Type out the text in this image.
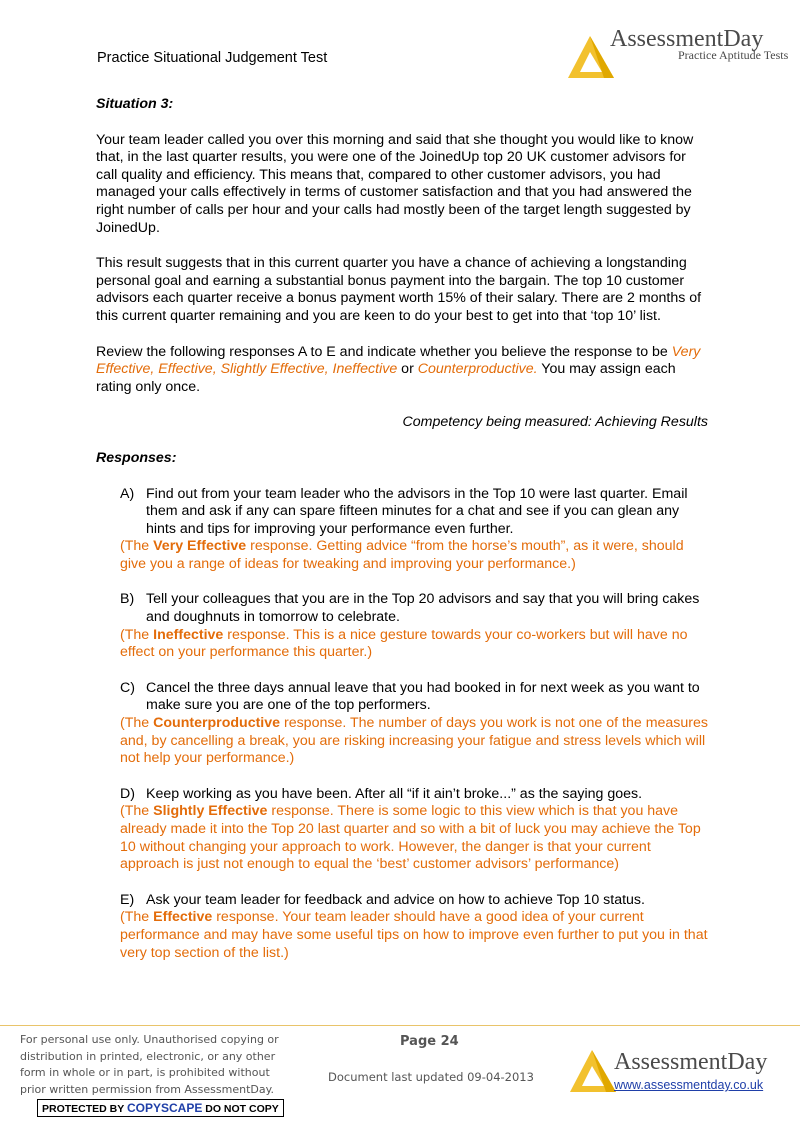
Practice Situational Judgement Test
AssessmentDay
Practice Aptitude Tests

Situation 3:

Your team leader called you over this morning and said that she thought you would like to know that, in the last quarter results, you were one of the JoinedUp top 20 UK customer advisors for call quality and efficiency. This means that, compared to other customer advisors, you had managed your calls effectively in terms of customer satisfaction and that you had answered the right number of calls per hour and your calls had mostly been of the target length suggested by JoinedUp.

This result suggests that in this current quarter you have a chance of achieving a longstanding personal goal and earning a substantial bonus payment into the bargain. The top 10 customer advisors each quarter receive a bonus payment worth 15% of their salary. There are 2 months of this current quarter remaining and you are keen to do your best to get into that ‘top 10’ list.

Review the following responses A to E and indicate whether you believe the response to be Very Effective, Effective, Slightly Effective, Ineffective or Counterproductive. You may assign each rating only once.

Competency being measured: Achieving Results

Responses:

A) Find out from your team leader who the advisors in the Top 10 were last quarter. Email them and ask if any can spare fifteen minutes for a chat and see if you can glean any hints and tips for improving your performance even further.

(The Very Effective response. Getting advice “from the horse’s mouth”, as it were, should give you a range of ideas for tweaking and improving your performance.)

B) Tell your colleagues that you are in the Top 20 advisors and say that you will bring cakes and doughnuts in tomorrow to celebrate.

(The Ineffective response. This is a nice gesture towards your co-workers but will have no effect on your performance this quarter.)

C) Cancel the three days annual leave that you had booked in for next week as you want to make sure you are one of the top performers.

(The Counterproductive response. The number of days you work is not one of the measures and, by cancelling a break, you are risking increasing your fatigue and stress levels which will not help your performance.)

D) Keep working as you have been. After all “if it ain’t broke...” as the saying goes.

(The Slightly Effective response. There is some logic to this view which is that you have already made it into the Top 20 last quarter and so with a bit of luck you may achieve the Top 10 without changing your approach to work. However, the danger is that your current approach is just not enough to equal the ‘best’ customer advisors’ performance)

E) Ask your team leader for feedback and advice on how to achieve Top 10 status.

(The Effective response. Your team leader should have a good idea of your current performance and may have some useful tips on how to improve even further to put you in that very top section of the list.)

For personal use only. Unauthorised copying or distribution in printed, electronic, or any other form in whole or in part, is prohibited without prior written permission from AssessmentDay.
PROTECTED BY COPYSCAPE DO NOT COPY
Page 24
Document last updated 09-04-2013
AssessmentDay
www.assessmentday.co.uk
